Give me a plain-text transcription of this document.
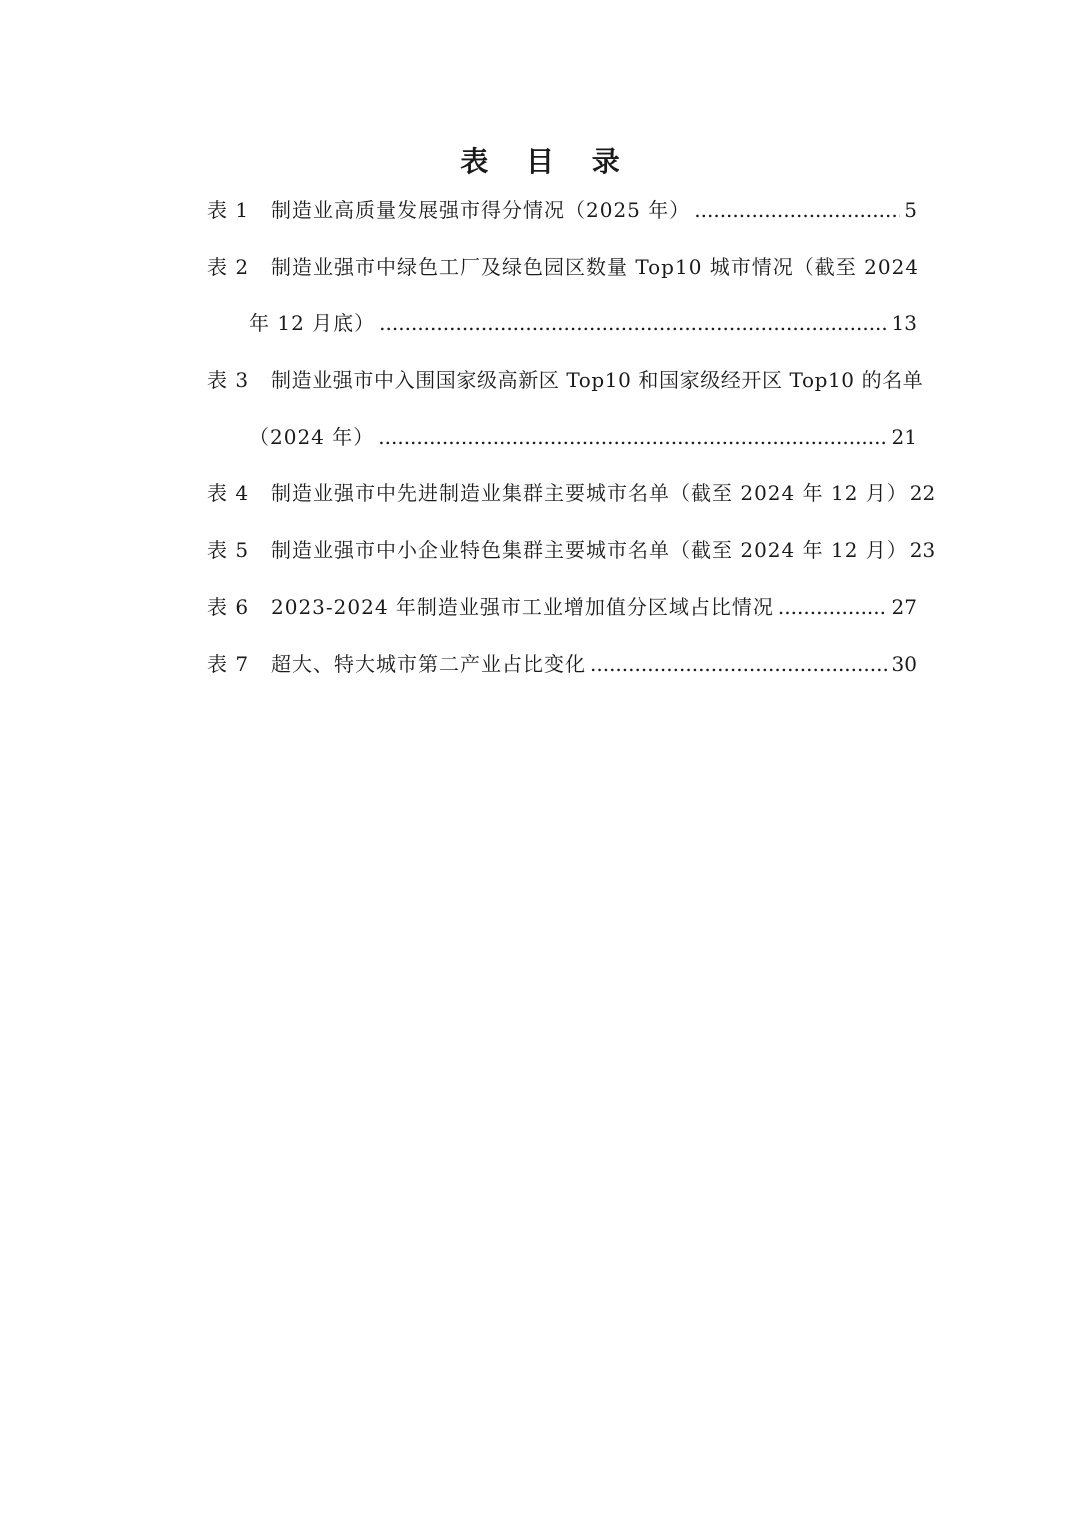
表 目 录
表 1	制造业高质量发展强市得分情况（2025 年） .....	5
表 2	制造业强市中绿色工厂及绿色园区数量 Top10 城市情况（截至 2024
年 12 月底） .....	13
表 3	制造业强市中入围国家级高新区 Top10 和国家级经开区 Top10 的名单
（2024 年） .....	21
表 4	制造业强市中先进制造业集群主要城市名单（截至 2024 年 12 月） 22
表 5	制造业强市中小企业特色集群主要城市名单（截至 2024 年 12 月） 23
表 6	2023-2024 年制造业强市工业增加值分区域占比情况 .....	27
表 7	超大、特大城市第二产业占比变化 .....	30
